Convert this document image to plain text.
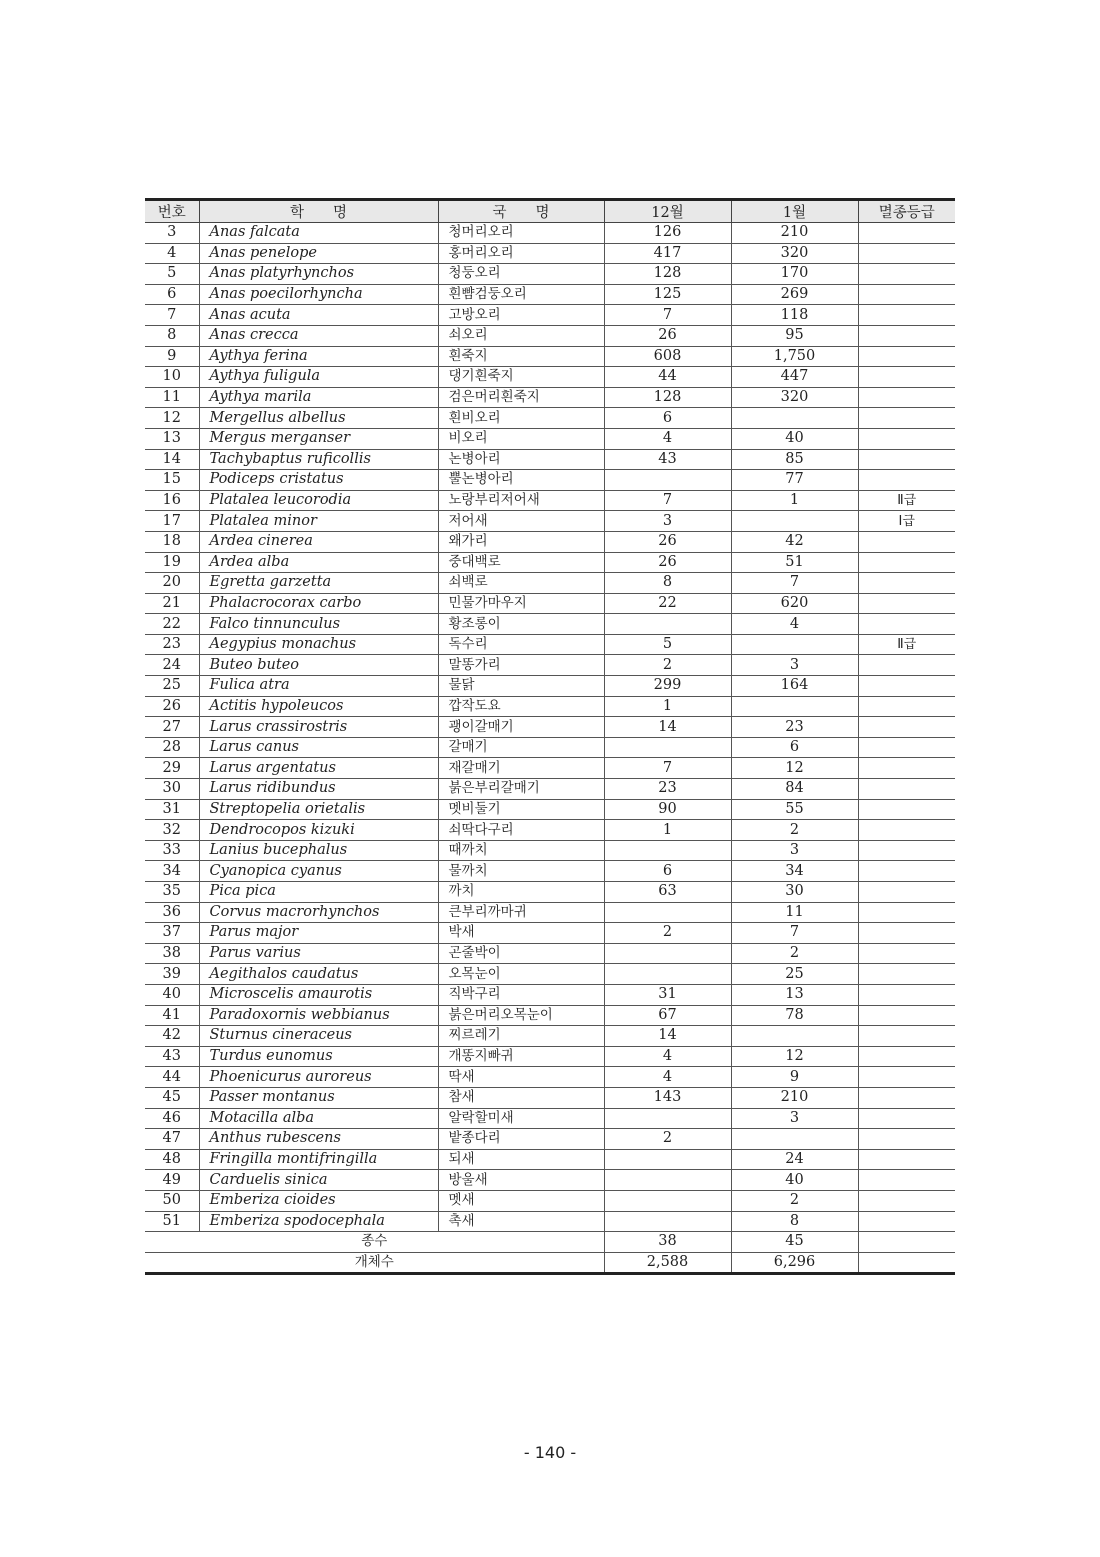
번호	학　　명	국　　명	12월	1월	멸종등급
3	Anas falcata	청머리오리	126	210	
4	Anas penelope	홍머리오리	417	320	
5	Anas platyrhynchos	청둥오리	128	170	
6	Anas poecilorhyncha	흰뺨검둥오리	125	269	
7	Anas acuta	고방오리	7	118	
8	Anas crecca	쇠오리	26	95	
9	Aythya ferina	흰죽지	608	1,750	
10	Aythya fuligula	댕기흰죽지	44	447	
11	Aythya marila	검은머리흰죽지	128	320	
12	Mergellus albellus	흰비오리	6		
13	Mergus merganser	비오리	4	40	
14	Tachybaptus ruficollis	논병아리	43	85	
15	Podiceps cristatus	뿔논병아리		77	
16	Platalea leucorodia	노랑부리저어새	7	1	Ⅱ급
17	Platalea minor	저어새	3		Ⅰ급
18	Ardea cinerea	왜가리	26	42	
19	Ardea alba	중대백로	26	51	
20	Egretta garzetta	쇠백로	8	7	
21	Phalacrocorax carbo	민물가마우지	22	620	
22	Falco tinnunculus	황조롱이		4	
23	Aegypius monachus	독수리	5		Ⅱ급
24	Buteo buteo	말똥가리	2	3	
25	Fulica atra	물닭	299	164	
26	Actitis hypoleucos	깝작도요	1		
27	Larus crassirostris	괭이갈매기	14	23	
28	Larus canus	갈매기		6	
29	Larus argentatus	재갈매기	7	12	
30	Larus ridibundus	붉은부리갈매기	23	84	
31	Streptopelia orietalis	멧비둘기	90	55	
32	Dendrocopos kizuki	쇠딱다구리	1	2	
33	Lanius bucephalus	때까치		3	
34	Cyanopica cyanus	물까치	6	34	
35	Pica pica	까치	63	30	
36	Corvus macrorhynchos	큰부리까마귀		11	
37	Parus major	박새	2	7	
38	Parus varius	곤줄박이		2	
39	Aegithalos caudatus	오목눈이		25	
40	Microscelis amaurotis	직박구리	31	13	
41	Paradoxornis webbianus	붉은머리오목눈이	67	78	
42	Sturnus cineraceus	찌르레기	14		
43	Turdus eunomus	개똥지빠귀	4	12	
44	Phoenicurus auroreus	딱새	4	9	
45	Passer montanus	참새	143	210	
46	Motacilla alba	알락할미새		3	
47	Anthus rubescens	밭종다리	2		
48	Fringilla montifringilla	되새		24	
49	Carduelis sinica	방울새		40	
50	Emberiza cioides	멧새		2	
51	Emberiza spodocephala	촉새		8	
종수			38	45	
개체수			2,588	6,296	
- 140 -
